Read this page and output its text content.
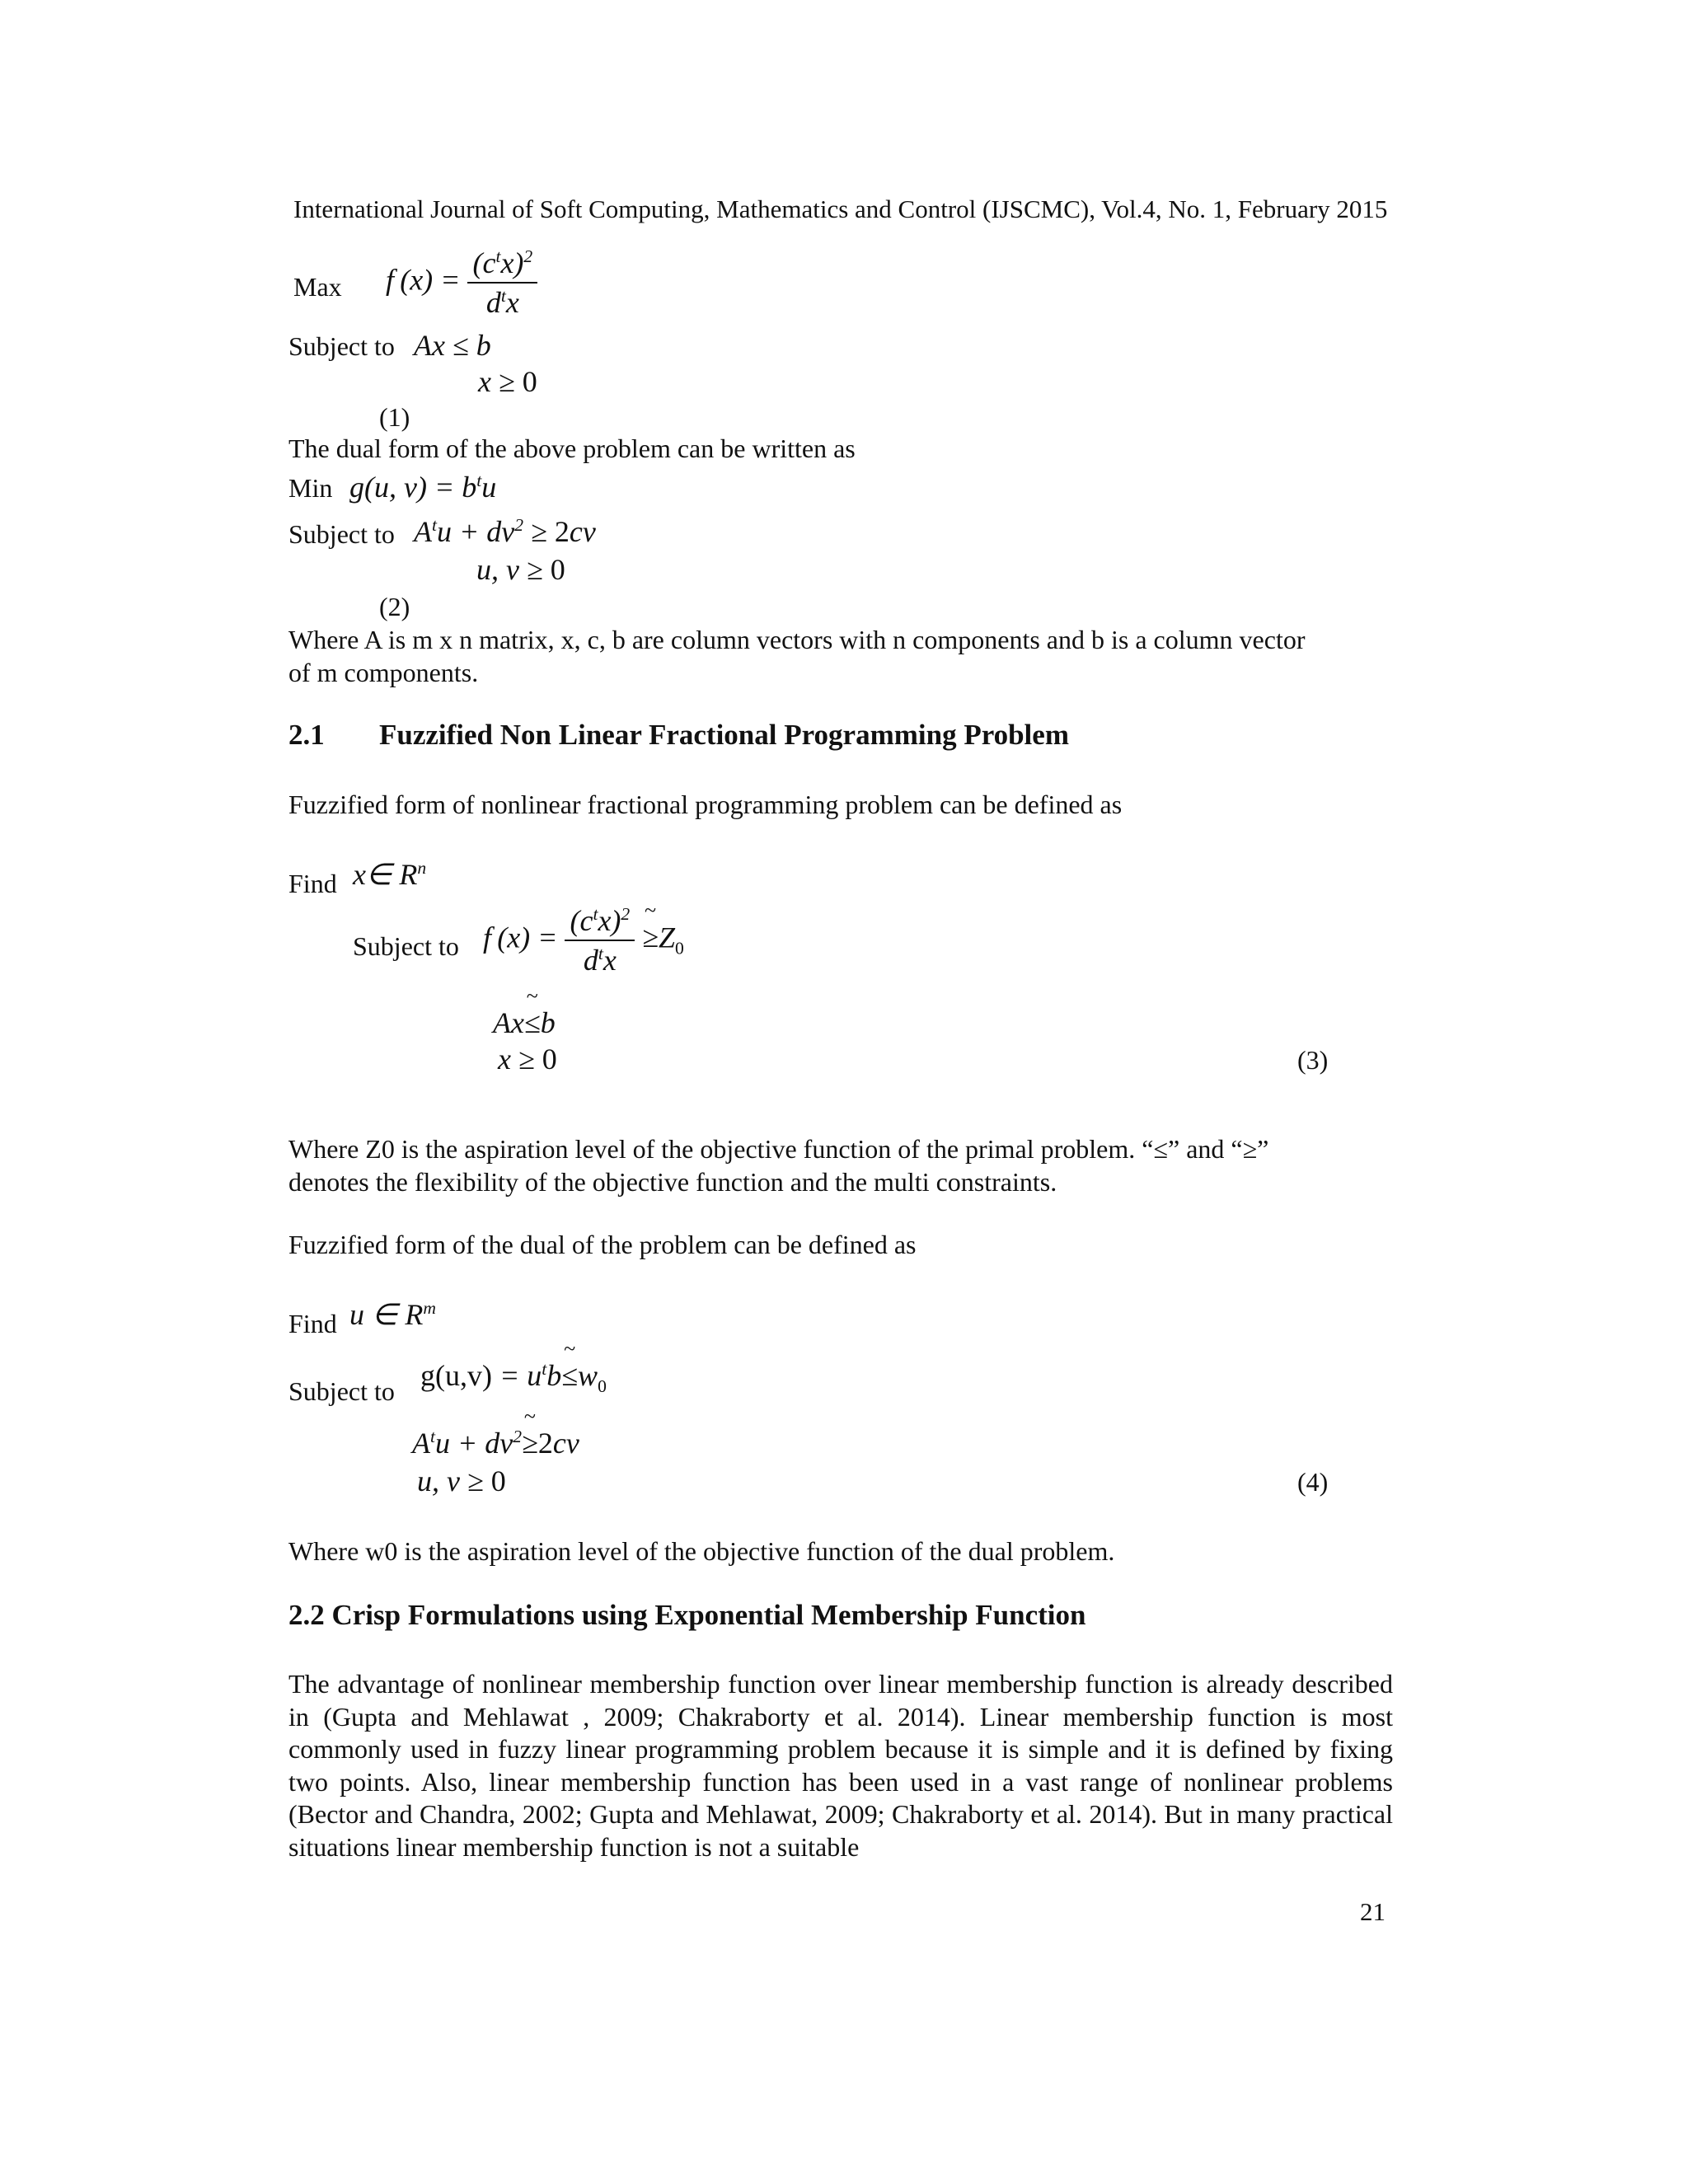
International Journal of Soft Computing, Mathematics and Control (IJSCMC), Vol.4, No. 1, February 2015
Max f $(x) = \frac{(c^tx)^2}{d^tx}$
Subject to Ax ≤ b
x ≥ 0
(1)
The dual form of the above problem can be written as
Min g(u, $v) = b^tu$
Subject to $A^tu + dv^2 \ge 2cv$
u, v ≥ 0
(2)
Where A is m x n matrix, x, c, b are column vectors with n components and b is a column vector
of m components.
2.1 Fuzzified Non Linear Fractional Programming Problem
Fuzzified form of nonlinear fractional programming problem can be defined as
Find x∈ $R^n$
Subject to f $(x) = \frac{(c^tx)^2}{d^tx}$
~ $\ge Z_0$
Ax~ ≤b
x ≥ 0	(3)
Where Z0 is the aspiration level of the objective function of the primal problem. “≤” and “≥”
denotes the flexibility of the objective function and the multi constraints.
Fuzzified form of the dual of the problem can be defined as
Find u ∈ $R^m$
Subject to $g(u,v) = u^tb\sim \le w_0$
$A^tu$ + $dv^2\sim \ge 2cv$
u, v ≥ 0	(4)
Where w0 is the aspiration level of the objective function of the dual problem.
2.2 Crisp Formulations using Exponential Membership Function
The advantage of nonlinear membership function over linear membership function is already described in (Gupta and Mehlawat , 2009; Chakraborty et al. 2014). Linear membership function is most commonly used in fuzzy linear programming problem because it is simple and it is defined by fixing two points. Also, linear membership function has been used in a vast range of nonlinear problems (Bector and Chandra, 2002; Gupta and Mehlawat, 2009; Chakraborty et al. 2014). But in many practical situations linear membership function is not a suitable
21
